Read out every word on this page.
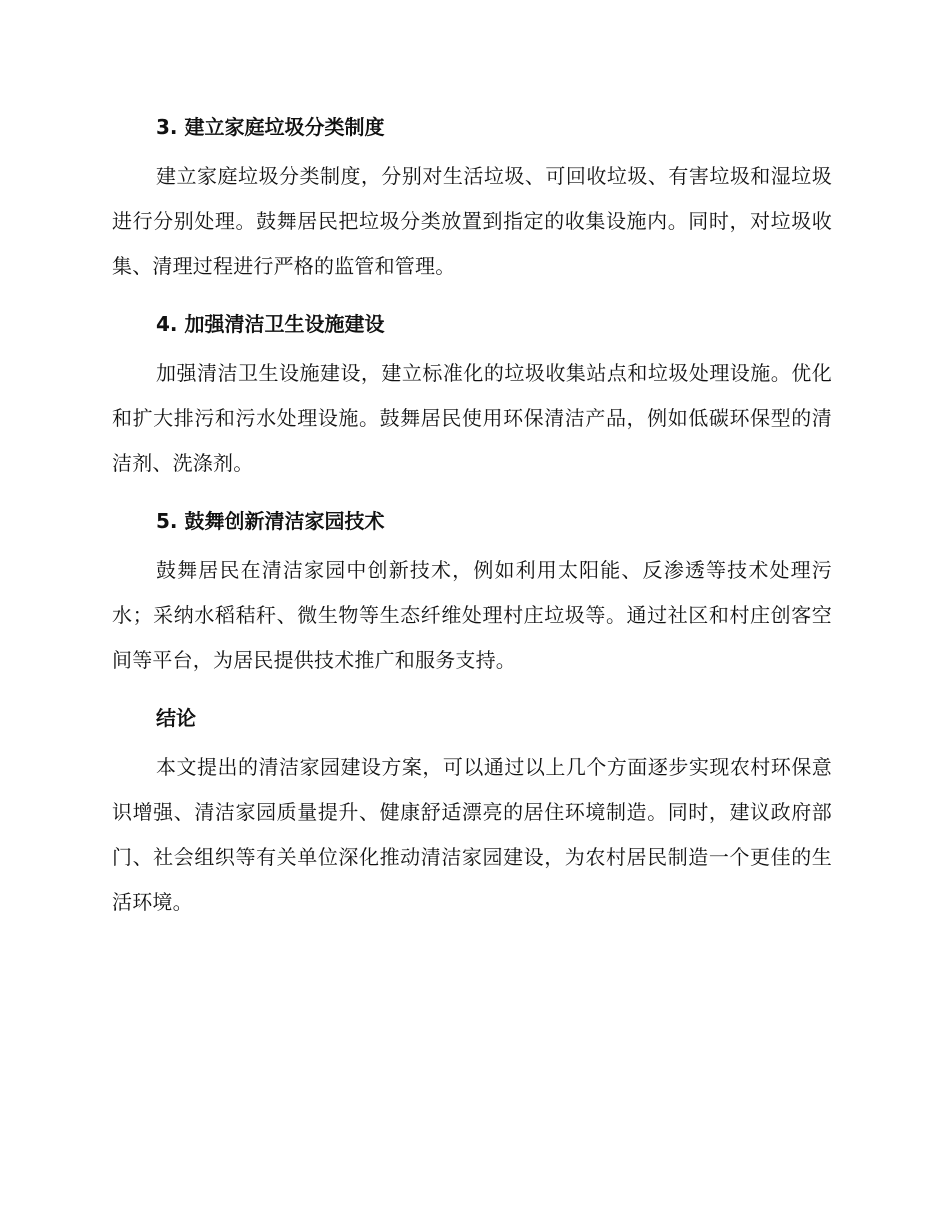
3. 建立家庭垃圾分类制度

建立家庭垃圾分类制度，分别对生活垃圾、可回收垃圾、有害垃圾和湿垃圾进行分别处理。鼓舞居民把垃圾分类放置到指定的收集设施内。同时，对垃圾收集、清理过程进行严格的监管和管理。

4. 加强清洁卫生设施建设

加强清洁卫生设施建设，建立标准化的垃圾收集站点和垃圾处理设施。优化和扩大排污和污水处理设施。鼓舞居民使用环保清洁产品，例如低碳环保型的清洁剂、洗涤剂。

5. 鼓舞创新清洁家园技术

鼓舞居民在清洁家园中创新技术，例如利用太阳能、反渗透等技术处理污水；采纳水稻秸秆、微生物等生态纤维处理村庄垃圾等。通过社区和村庄创客空间等平台，为居民提供技术推广和服务支持。

结论

本文提出的清洁家园建设方案，可以通过以上几个方面逐步实现农村环保意识增强、清洁家园质量提升、健康舒适漂亮的居住环境制造。同时，建议政府部门、社会组织等有关单位深化推动清洁家园建设，为农村居民制造一个更佳的生活环境。
